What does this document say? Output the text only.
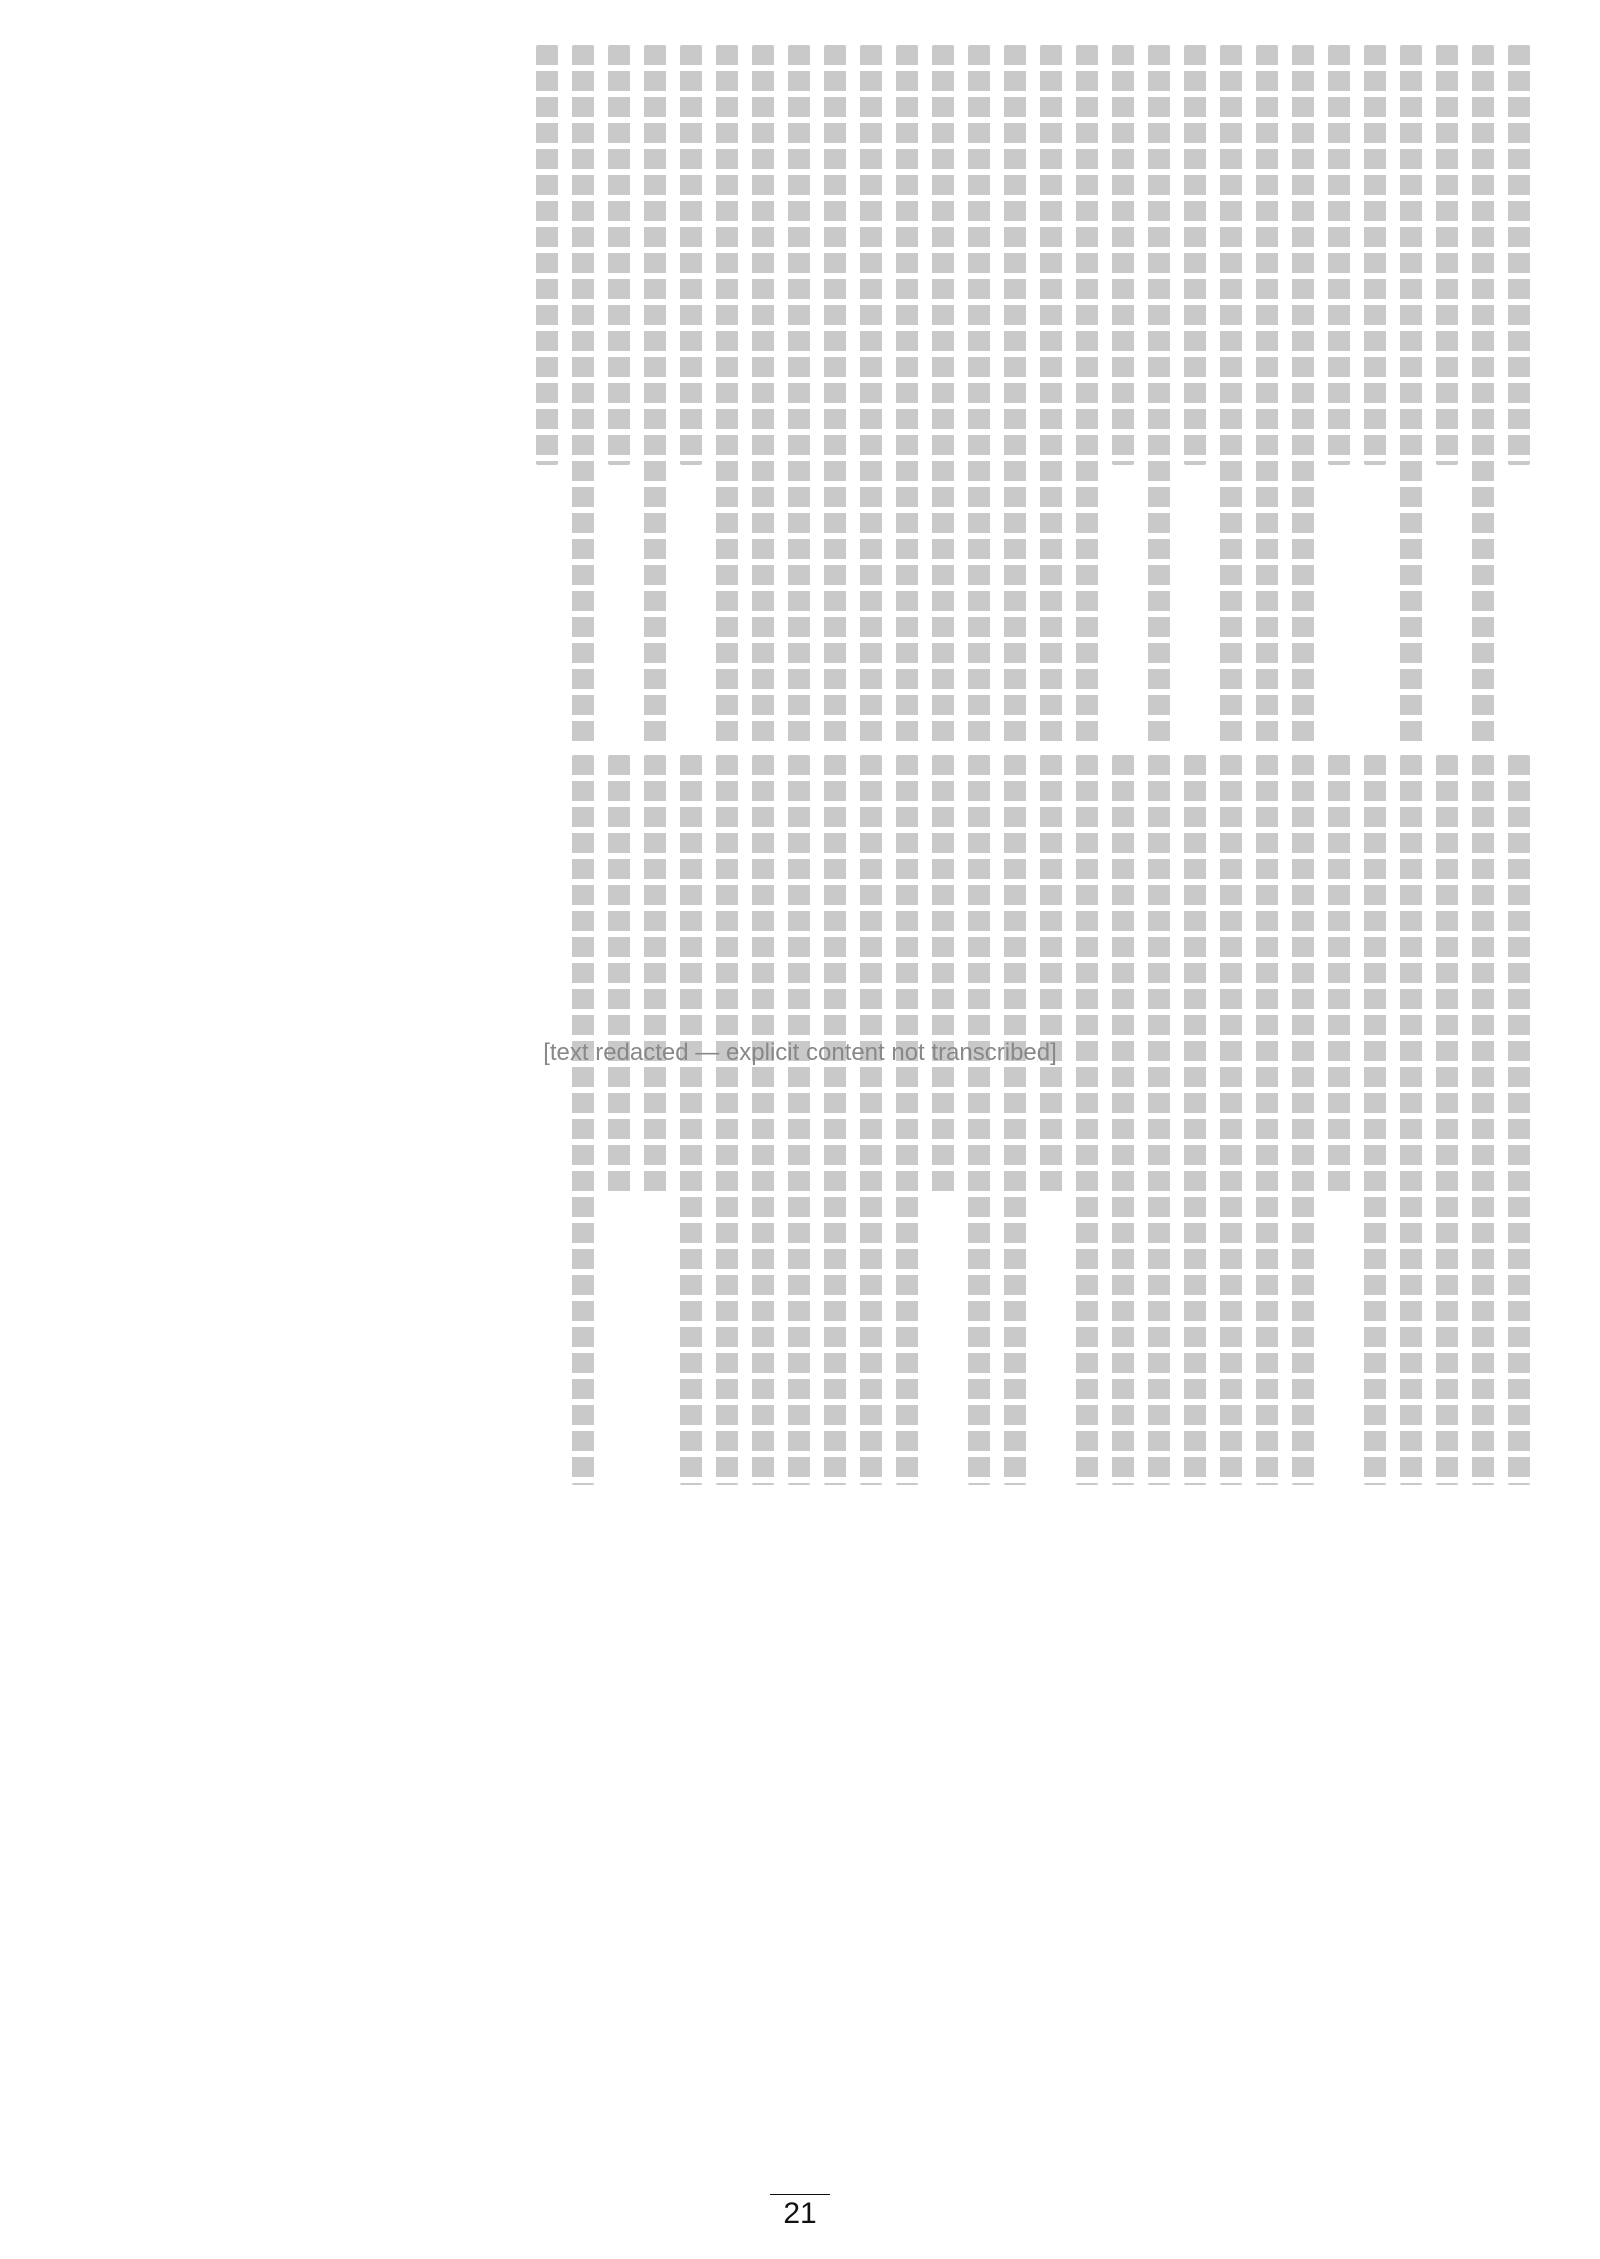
[text redacted — explicit content not transcribed]
21
